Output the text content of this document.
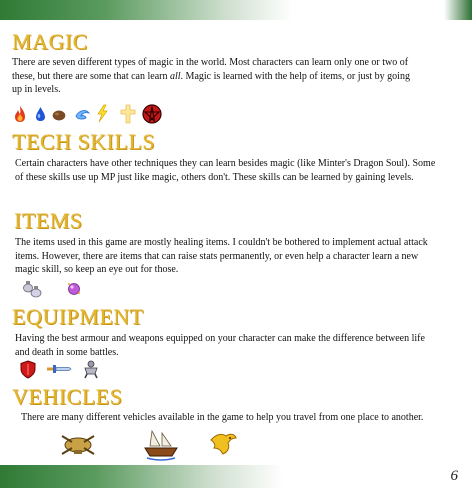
MAGIC
There are seven different types of magic in the world. Most characters can learn only one or two of these, but there are some that can learn all. Magic is learned with the help of items, or just by going up in levels.
TECH SKILLS
Certain characters have other techniques they can learn besides magic (like Minter's Dragon Soul). Some of these skills use up MP just like magic, others don't. These skills can be learned by gaining levels.
ITEMS
The items used in this game are mostly healing items. I couldn't be bothered to implement actual attack items. However, there are items that can raise stats permanently, or even help a character learn a new magic skill, so keep an eye out for those.
EQUIPMENT
Having the best armour and weapons equipped on your character can make the difference between life and death in some battles.
VEHICLES
There are many different vehicles available in the game to help you travel from one place to another.
6
